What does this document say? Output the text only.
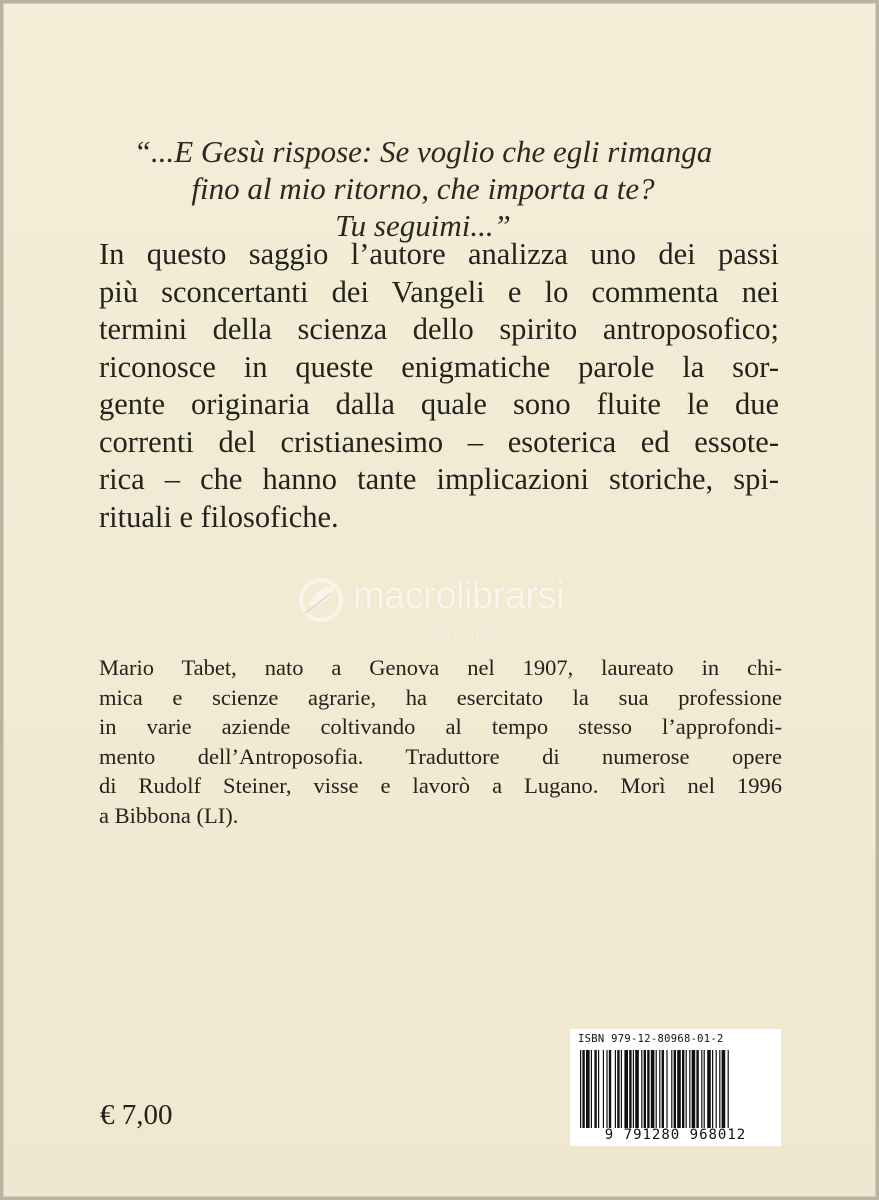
“...E Gesù rispose: Se voglio che egli rimanga
fino al mio ritorno, che importa a te?
Tu seguimi...”
In questo saggio l’autore analizza uno dei passi
più sconcertanti dei Vangeli e lo commenta nei
termini della scienza dello spirito antroposofico;
riconosce in queste enigmatiche parole la sor-
gente originaria dalla quale sono fluite le due
correnti del cristianesimo – esoterica ed essote-
rica – che hanno tante implicazioni storiche, spi-
rituali e filosofiche.
macrolibrarsi
ALTERNATIVA NATURALE
Mario Tabet, nato a Genova nel 1907, laureato in chi-
mica e scienze agrarie, ha esercitato la sua professione
in varie aziende coltivando al tempo stesso l’approfondi-
mento dell’Antroposofia. Traduttore di numerose opere
di Rudolf Steiner, visse e lavorò a Lugano. Morì nel 1996
a Bibbona (LI).
ISBN 979-12-80968-01-2
9 791280 968012
€ 7,00
